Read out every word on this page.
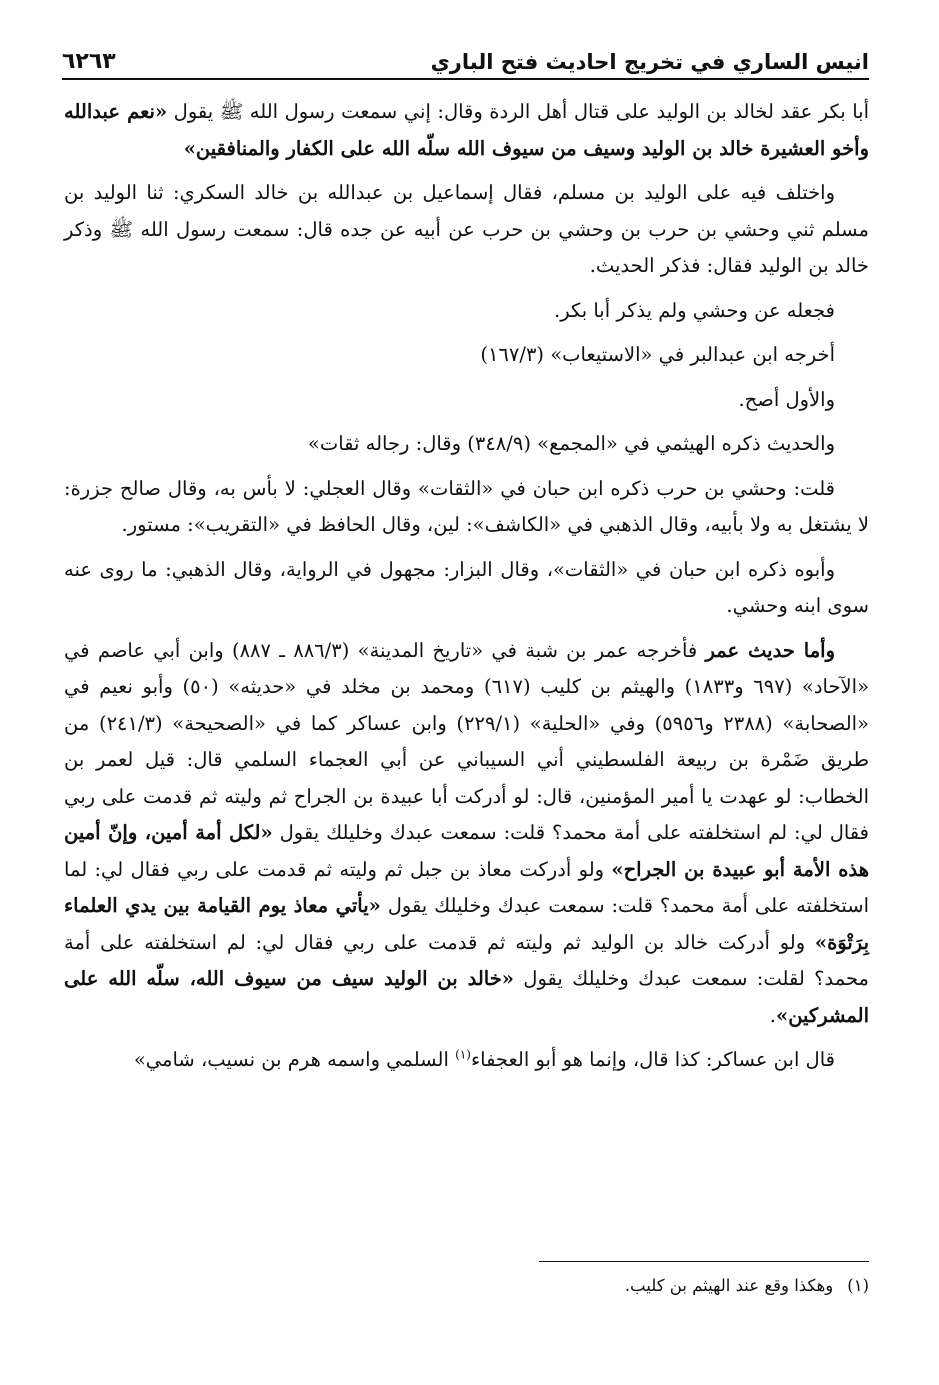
انيس الساري في تخريج احاديث فتح الباري
٦٢٦٣

أبا بكر عقد لخالد بن الوليد على قتال أهل الردة وقال: إني سمعت رسول الله ﷺ يقول «نعم عبدالله وأخو العشيرة خالد بن الوليد وسيف من سيوف الله سلّه الله على الكفار والمنافقين»

واختلف فيه على الوليد بن مسلم، فقال إسماعيل بن عبدالله بن خالد السكري: ثنا الوليد بن مسلم ثني وحشي بن حرب بن وحشي بن حرب عن أبيه عن جده قال: سمعت رسول الله ﷺ وذكر خالد بن الوليد فقال: فذكر الحديث.

فجعله عن وحشي ولم يذكر أبا بكر.

أخرجه ابن عبدالبر في «الاستيعاب» (١٦٧/٣)

والأول أصح.

والحديث ذكره الهيثمي في «المجمع» (٣٤٨/٩) وقال: رجاله ثقات»

قلت: وحشي بن حرب ذكره ابن حبان في «الثقات» وقال العجلي: لا بأس به، وقال صالح جزرة: لا يشتغل به ولا بأبيه، وقال الذهبي في «الكاشف»: لين، وقال الحافظ في «التقريب»: مستور.

وأبوه ذكره ابن حبان في «الثقات»، وقال البزار: مجهول في الرواية، وقال الذهبي: ما روى عنه سوى ابنه وحشي.

وأما حديث عمر فأخرجه عمر بن شبة في «تاريخ المدينة» (٨٨٦/٣ ـ ٨٨٧) وابن أبي عاصم في «الآحاد» (٦٩٧ و١٨٣٣) والهيثم بن كليب (٦١٧) ومحمد بن مخلد في «حديثه» (٥٠) وأبو نعيم في «الصحابة» (٢٣٨٨ و٥٩٥٦) وفي «الحلية» (٢٢٩/١) وابن عساكر كما في «الصحيحة» (٢٤١/٣) من طريق ضَمْرة بن ربيعة الفلسطيني أني السيباني عن أبي العجماء السلمي قال: قيل لعمر بن الخطاب: لو عهدت يا أمير المؤمنين، قال: لو أدركت أبا عبيدة بن الجراح ثم وليته ثم قدمت على ربي فقال لي: لم استخلفته على أمة محمد؟ قلت: سمعت عبدك وخليلك يقول «لكل أمة أمين، وإنّ أمين هذه الأمة أبو عبيدة بن الجراح» ولو أدركت معاذ بن جبل ثم وليته ثم قدمت على ربي فقال لي: لما استخلفته على أمة محمد؟ قلت: سمعت عبدك وخليلك يقول «يأتي معاذ يوم القيامة بين يدي العلماء بِرَتْوَة» ولو أدركت خالد بن الوليد ثم وليته ثم قدمت على ربي فقال لي: لم استخلفته على أمة محمد؟ لقلت: سمعت عبدك وخليلك يقول «خالد بن الوليد سيف من سيوف الله، سلّه الله على المشركين».

قال ابن عساكر: كذا قال، وإنما هو أبو العجفاء$^{(١)}$ السلمي واسمه هرم بن نسيب، شامي»

(١)وهكذا وقع عند الهيثم بن كليب.
